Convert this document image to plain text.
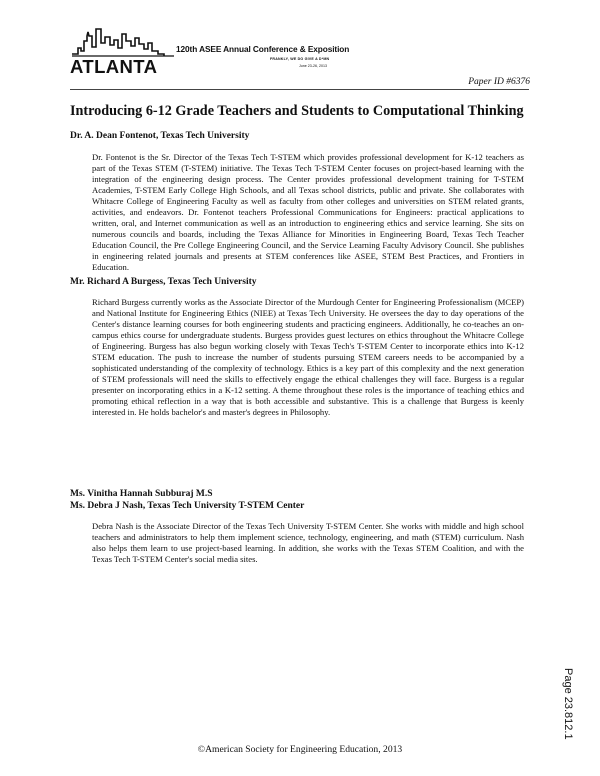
ATLANTA
120th ASEE Annual Conference & Exposition
FRANKLY, WE DO GIVE A D*MN
June 23-26, 2013
Paper ID #6376
Introducing 6-12 Grade Teachers and Students to Computational Thinking
Dr. A. Dean Fontenot, Texas Tech University

Dr. Fontenot is the Sr. Director of the Texas Tech T-STEM which provides professional development for K-12 teachers as part of the Texas STEM (T-STEM) initiative. The Texas Tech T-STEM Center focuses on project-based learning with the integration of the engineering design process. The Center provides professional development training for T-STEM Academies, T-STEM Early College High Schools, and all Texas school districts, public and private. She collaborates with Whitacre College of Engineering Faculty as well as faculty from other colleges and universities on STEM related grants, activities, and endeavors. Dr. Fontenot teachers Professional Communications for Engineers: practical applications to written, oral, and Internet communication as well as an introduction to engineering ethics and service learning. She sits on numerous councils and boards, including the Texas Alliance for Minorities in Engineering Board, Texas Tech Teacher Education Council, the Pre College Engineering Council, and the Service Learning Faculty Advisory Council. She publishes in engineering related journals and presents at STEM conferences like ASEE, STEM Best Practices, and Frontiers in Education.

Mr. Richard A Burgess, Texas Tech University

Richard Burgess currently works as the Associate Director of the Murdough Center for Engineering Professionalism (MCEP) and National Institute for Engineering Ethics (NIEE) at Texas Tech University. He oversees the day to day operations of the Center's distance learning courses for both engineering students and practicing engineers. Additionally, he co-teaches an on-campus ethics course for undergraduate students. Burgess provides guest lectures on ethics throughout the Whitacre College of Engineering. Burgess has also begun working closely with Texas Tech's T-STEM Center to incorporate ethics into K-12 STEM education. The push to increase the number of students pursuing STEM careers needs to be accompanied by a sophisticated understanding of the complexity of technology. Ethics is a key part of this complexity and the next generation of STEM professionals will need the skills to effectively engage the ethical challenges they will face. Burgess is a regular presenter on incorporating ethics in a K-12 setting. A theme throughout these roles is the importance of teaching ethics and promoting ethical reflection in a way that is both accessible and substantive. This is a challenge that Burgess is keenly interested in. He holds bachelor's and master's degrees in Philosophy.

Ms. Vinitha Hannah Subburaj M.S
Ms. Debra J Nash, Texas Tech University T-STEM Center

Debra Nash is the Associate Director of the Texas Tech University T-STEM Center. She works with middle and high school teachers and administrators to help them implement science, technology, engineering, and math (STEM) curriculum. Nash also helps them learn to use project-based learning. In addition, she works with the Texas STEM Coalition, and with the Texas Tech T-STEM Center's social media sites.

Page 23.812.1
©American Society for Engineering Education, 2013
